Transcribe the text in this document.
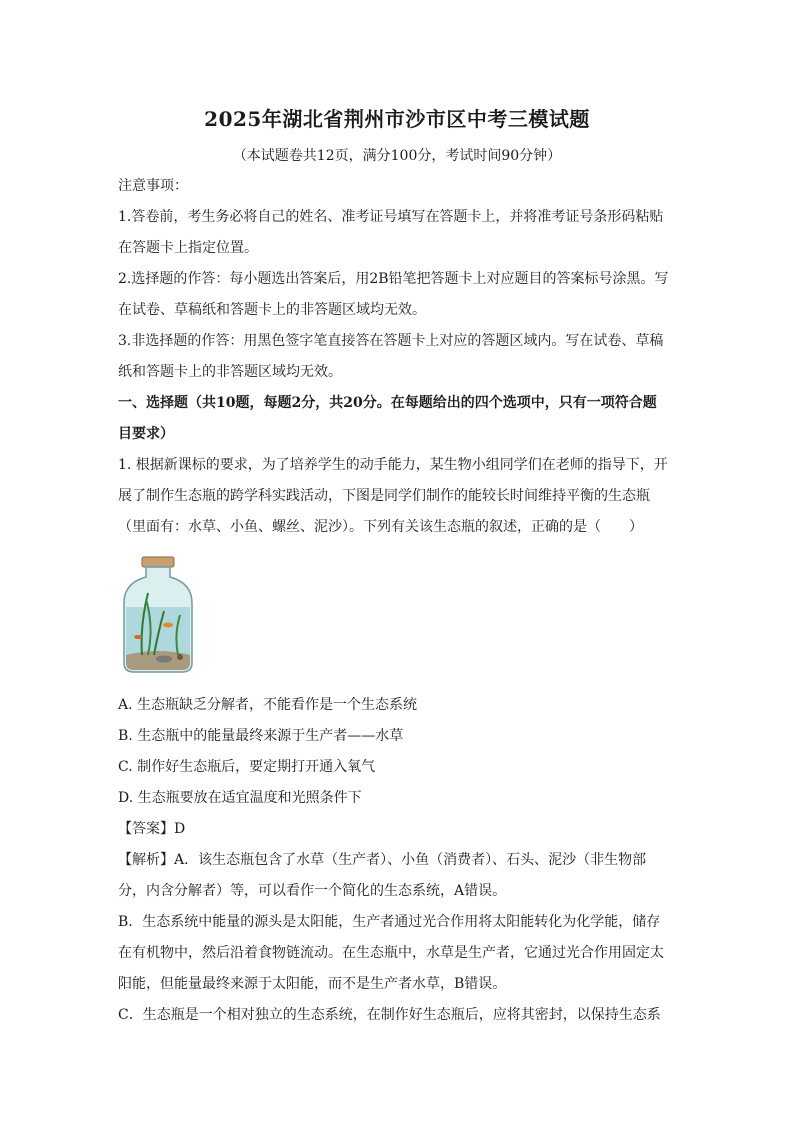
2025年湖北省荆州市沙市区中考三模试题
（本试题卷共12页，满分100分，考试时间90分钟）
注意事项：
1.答卷前，考生务必将自己的姓名、准考证号填写在答题卡上，并将准考证号条形码粘贴
在答题卡上指定位置。
2.选择题的作答：每小题选出答案后，用2B铅笔把答题卡上对应题目的答案标号涂黑。写
在试卷、草稿纸和答题卡上的非答题区域均无效。
3.非选择题的作答：用黑色签字笔直接答在答题卡上对应的答题区域内。写在试卷、草稿
纸和答题卡上的非答题区域均无效。
一、选择题（共10题，每题2分，共20分。在每题给出的四个选项中，只有一项符合题
目要求）
1. 根据新课标的要求，为了培养学生的动手能力，某生物小组同学们在老师的指导下，开
展了制作生态瓶的跨学科实践活动，下图是同学们制作的能较长时间维持平衡的生态瓶
（里面有：水草、小鱼、螺丝、泥沙）。下列有关该生态瓶的叙述，正确的是（　　）
A. 生态瓶缺乏分解者，不能看作是一个生态系统
B. 生态瓶中的能量最终来源于生产者——水草
C. 制作好生态瓶后，要定期打开通入氧气
D. 生态瓶要放在适宜温度和光照条件下
【答案】D
【解析】A．该生态瓶包含了水草（生产者）、小鱼（消费者）、石头、泥沙（非生物部
分，内含分解者）等，可以看作一个简化的生态系统，A错误。
B．生态系统中能量的源头是太阳能，生产者通过光合作用将太阳能转化为化学能，储存
在有机物中，然后沿着食物链流动。在生态瓶中，水草是生产者，它通过光合作用固定太
阳能，但能量最终来源于太阳能，而不是生产者水草，B错误。
C．生态瓶是一个相对独立的生态系统，在制作好生态瓶后，应将其密封，以保持生态系
